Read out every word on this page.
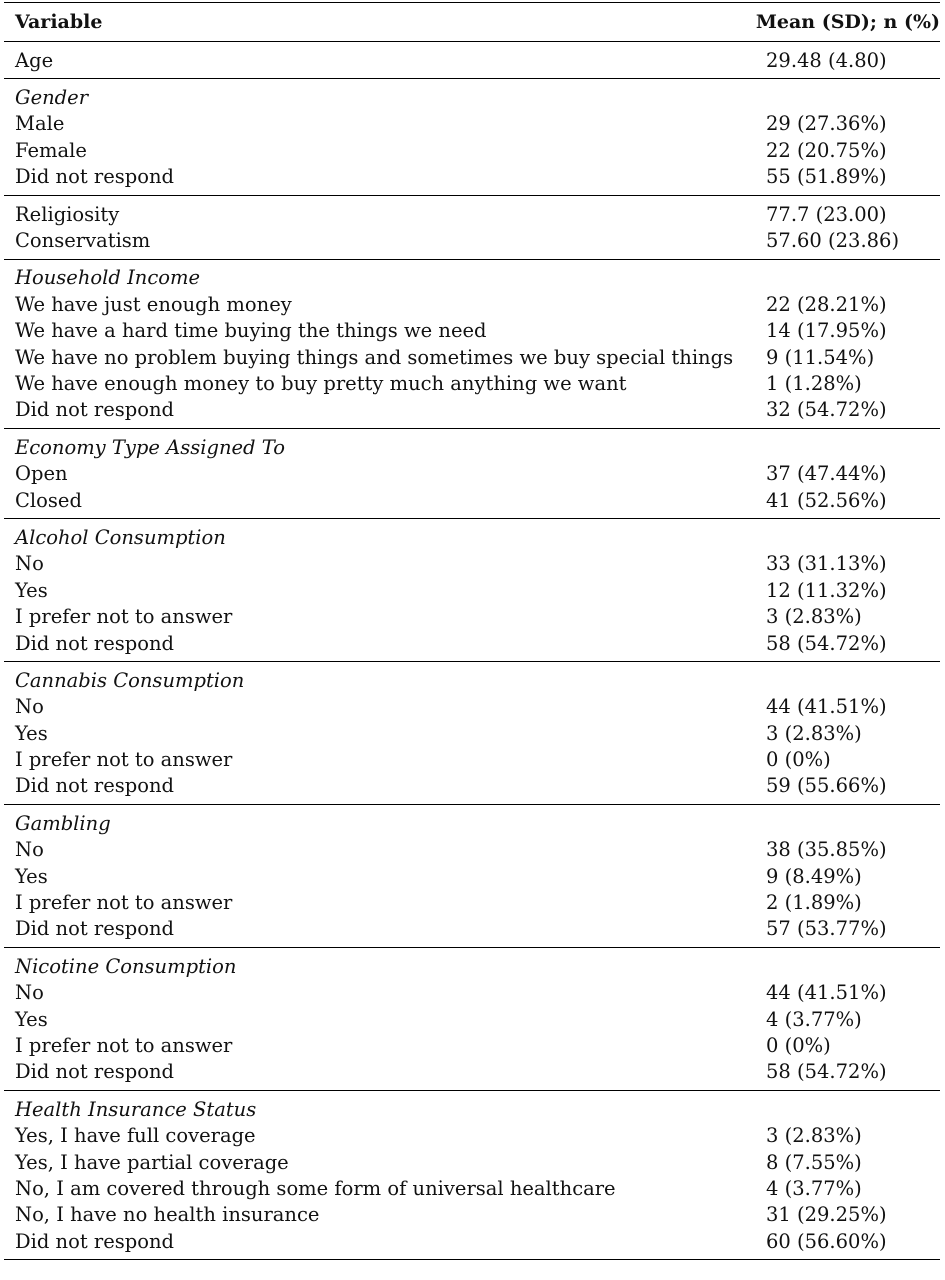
Variable	Mean (SD); n (%)
Age	29.48 (4.80)
Gender
Male	29 (27.36%)
Female	22 (20.75%)
Did not respond	55 (51.89%)
Religiosity	77.7 (23.00)
Conservatism	57.60 (23.86)
Household Income
We have just enough money	22 (28.21%)
We have a hard time buying the things we need	14 (17.95%)
We have no problem buying things and sometimes we buy special things	9 (11.54%)
We have enough money to buy pretty much anything we want	1 (1.28%)
Did not respond	32 (54.72%)
Economy Type Assigned To
Open	37 (47.44%)
Closed	41 (52.56%)
Alcohol Consumption
No	33 (31.13%)
Yes	12 (11.32%)
I prefer not to answer	3 (2.83%)
Did not respond	58 (54.72%)
Cannabis Consumption
No	44 (41.51%)
Yes	3 (2.83%)
I prefer not to answer	0 (0%)
Did not respond	59 (55.66%)
Gambling
No	38 (35.85%)
Yes	9 (8.49%)
I prefer not to answer	2 (1.89%)
Did not respond	57 (53.77%)
Nicotine Consumption
No	44 (41.51%)
Yes	4 (3.77%)
I prefer not to answer	0 (0%)
Did not respond	58 (54.72%)
Health Insurance Status
Yes, I have full coverage	3 (2.83%)
Yes, I have partial coverage	8 (7.55%)
No, I am covered through some form of universal healthcare	4 (3.77%)
No, I have no health insurance	31 (29.25%)
Did not respond	60 (56.60%)
